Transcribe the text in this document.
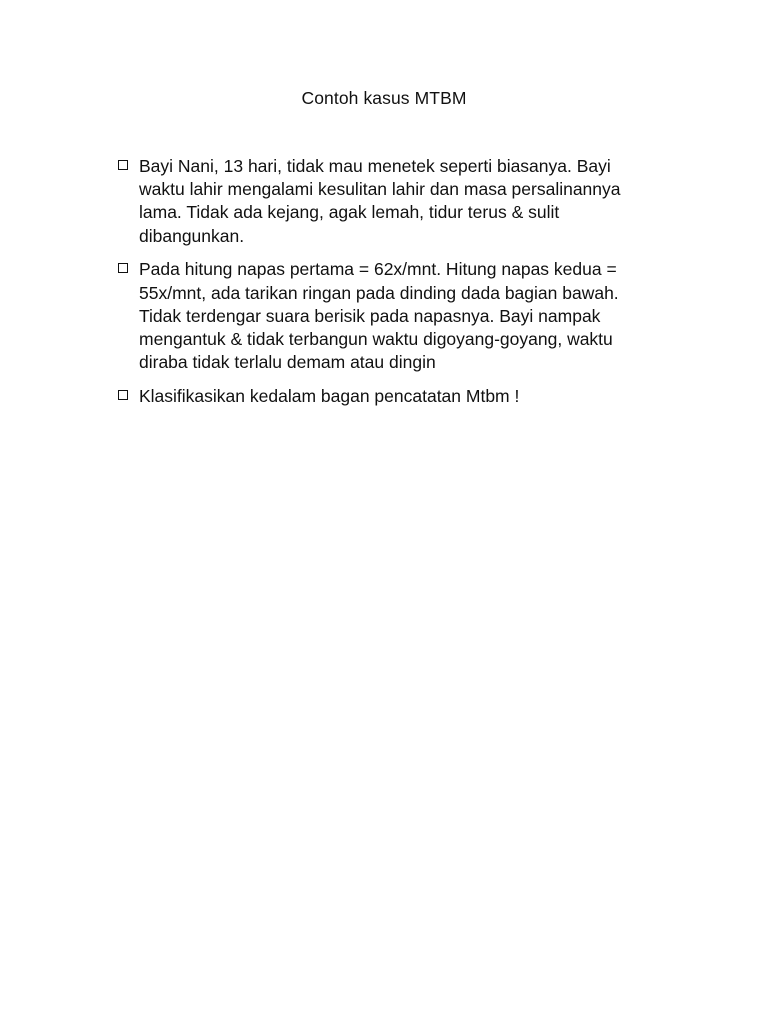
Contoh kasus MTBM
Bayi Nani, 13 hari, tidak mau menetek seperti biasanya. Bayi waktu lahir mengalami kesulitan lahir dan masa persalinannya lama. Tidak ada kejang, agak lemah, tidur terus & sulit dibangunkan.
Pada hitung napas pertama = 62x/mnt. Hitung napas kedua = 55x/mnt, ada tarikan ringan pada dinding dada bagian bawah. Tidak terdengar suara berisik pada napasnya. Bayi nampak mengantuk & tidak terbangun waktu digoyang-goyang, waktu diraba tidak terlalu demam atau dingin
Klasifikasikan kedalam bagan pencatatan Mtbm !
